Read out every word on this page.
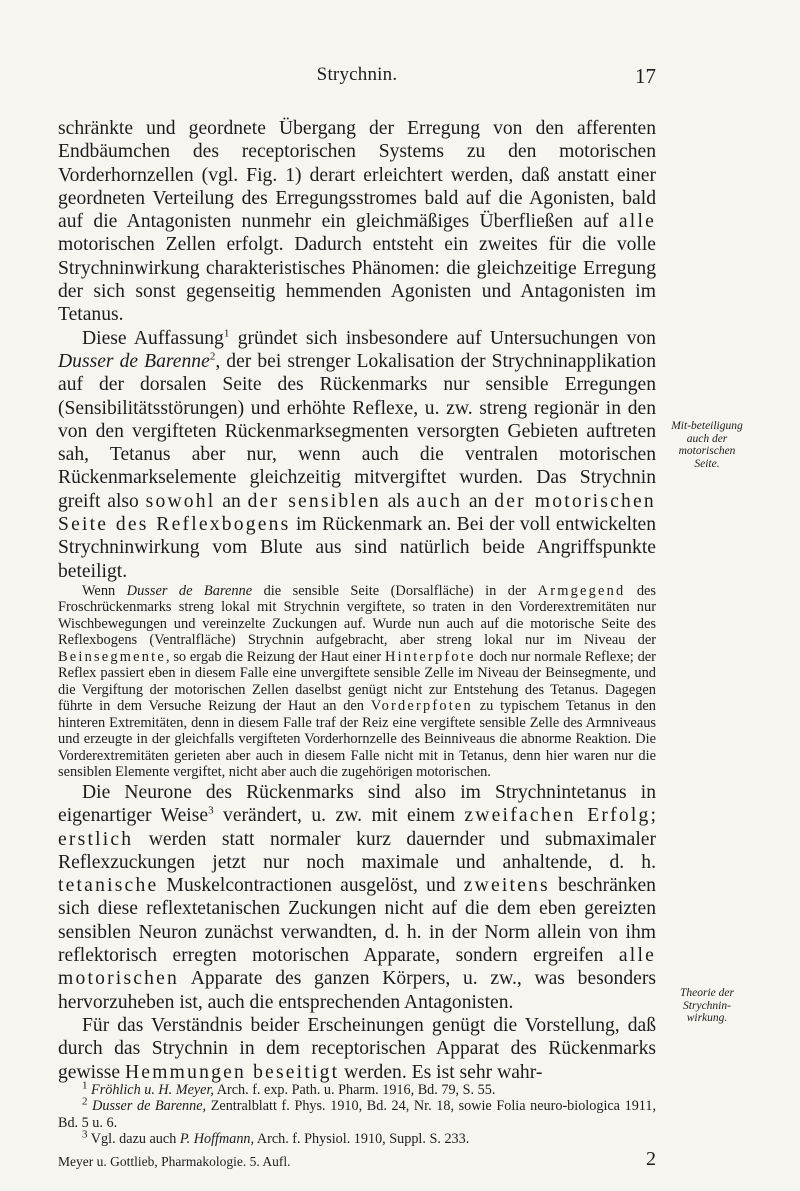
Strychnin.	17

schränkte und geordnete Übergang der Erregung von den afferenten Endbäumchen des receptorischen Systems zu den motorischen Vorderhornzellen (vgl. Fig. 1) derart erleichtert werden, daß anstatt einer geordneten Verteilung des Erregungsstromes bald auf die Agonisten, bald auf die Antagonisten nunmehr ein gleichmäßiges Überfließen auf alle motorischen Zellen erfolgt. Dadurch entsteht ein zweites für die volle Strychninwirkung charakteristisches Phänomen: die gleichzeitige Erregung der sich sonst gegenseitig hemmenden Agonisten und Antagonisten im Tetanus.

Diese Auffassung$^1$ gründet sich insbesondere auf Untersuchungen von Dusser de Barenne$^2$, der bei strenger Lokalisation der Strychninapplikation auf der dorsalen Seite des Rückenmarks nur sensible Erregungen (Sensibilitätsstörungen) und erhöhte Reflexe, u. zw. streng regionär in den von den vergifteten Rückenmarksegmenten versorgten Gebieten auftreten sah, Tetanus aber nur, wenn auch die ventralen motorischen Rückenmarkselemente gleichzeitig mitvergiftet wurden. Das Strychnin greift also sowohl an der sensiblen als auch an der motorischen Seite des Reflexbogens im Rückenmark an. Bei der voll entwickelten Strychninwirkung vom Blute aus sind natürlich beide Angriffspunkte beteiligt.

Wenn Dusser de Barenne die sensible Seite (Dorsalfläche) in der Armgegend des Froschrückenmarks streng lokal mit Strychnin vergiftete, so traten in den Vorderextremitäten nur Wischbewegungen und vereinzelte Zuckungen auf. Wurde nun auch auf die motorische Seite des Reflexbogens (Ventralfläche) Strychnin aufgebracht, aber streng lokal nur im Niveau der Beinsegmente, so ergab die Reizung der Haut einer Hinterpfote doch nur normale Reflexe; der Reflex passiert eben in diesem Falle eine unvergiftete sensible Zelle im Niveau der Beinsegmente, und die Vergiftung der motorischen Zellen daselbst genügt nicht zur Entstehung des Tetanus. Dagegen führte in dem Versuche Reizung der Haut an den Vorderpfoten zu typischem Tetanus in den hinteren Extremitäten, denn in diesem Falle traf der Reiz eine vergiftete sensible Zelle des Armniveaus und erzeugte in der gleichfalls vergifteten Vorderhornzelle des Beinniveaus die abnorme Reaktion. Die Vorderextremitäten gerieten aber auch in diesem Falle nicht mit in Tetanus, denn hier waren nur die sensiblen Elemente vergiftet, nicht aber auch die zugehörigen motorischen.

Die Neurone des Rückenmarks sind also im Strychnintetanus in eigenartiger Weise$^3$ verändert, u. zw. mit einem zweifachen Erfolg; erstlich werden statt normaler kurz dauernder und submaximaler Reflexzuckungen jetzt nur noch maximale und anhaltende, d. h. tetanische Muskelcontractionen ausgelöst, und zweitens beschränken sich diese reflextetanischen Zuckungen nicht auf die dem eben gereizten sensiblen Neuron zunächst verwandten, d. h. in der Norm allein von ihm reflektorisch erregten motorischen Apparate, sondern ergreifen alle motorischen Apparate des ganzen Körpers, u. zw., was besonders hervorzuheben ist, auch die entsprechenden Antagonisten.

Für das Verständnis beider Erscheinungen genügt die Vorstellung, daß durch das Strychnin in dem receptorischen Apparat des Rückenmarks gewisse Hemmungen beseitigt werden. Es ist sehr wahr-

Mit-beteiligung auch der motorischen Seite.
Theorie der Strychnin-wirkung.

$^1$ Fröhlich u. H. Meyer, Arch. f. exp. Path. u. Pharm. 1916, Bd. 79, S. 55.

$^2$ Dusser de Barenne, Zentralblatt f. Phys. 1910, Bd. 24, Nr. 18, sowie Folia neuro-biologica 1911, Bd. 5 u. 6.

$^3$ Vgl. dazu auch P. Hoffmann, Arch. f. Physiol. 1910, Suppl. S. 233.

Meyer u. Gottlieb, Pharmakologie. 5. Aufl.	2
